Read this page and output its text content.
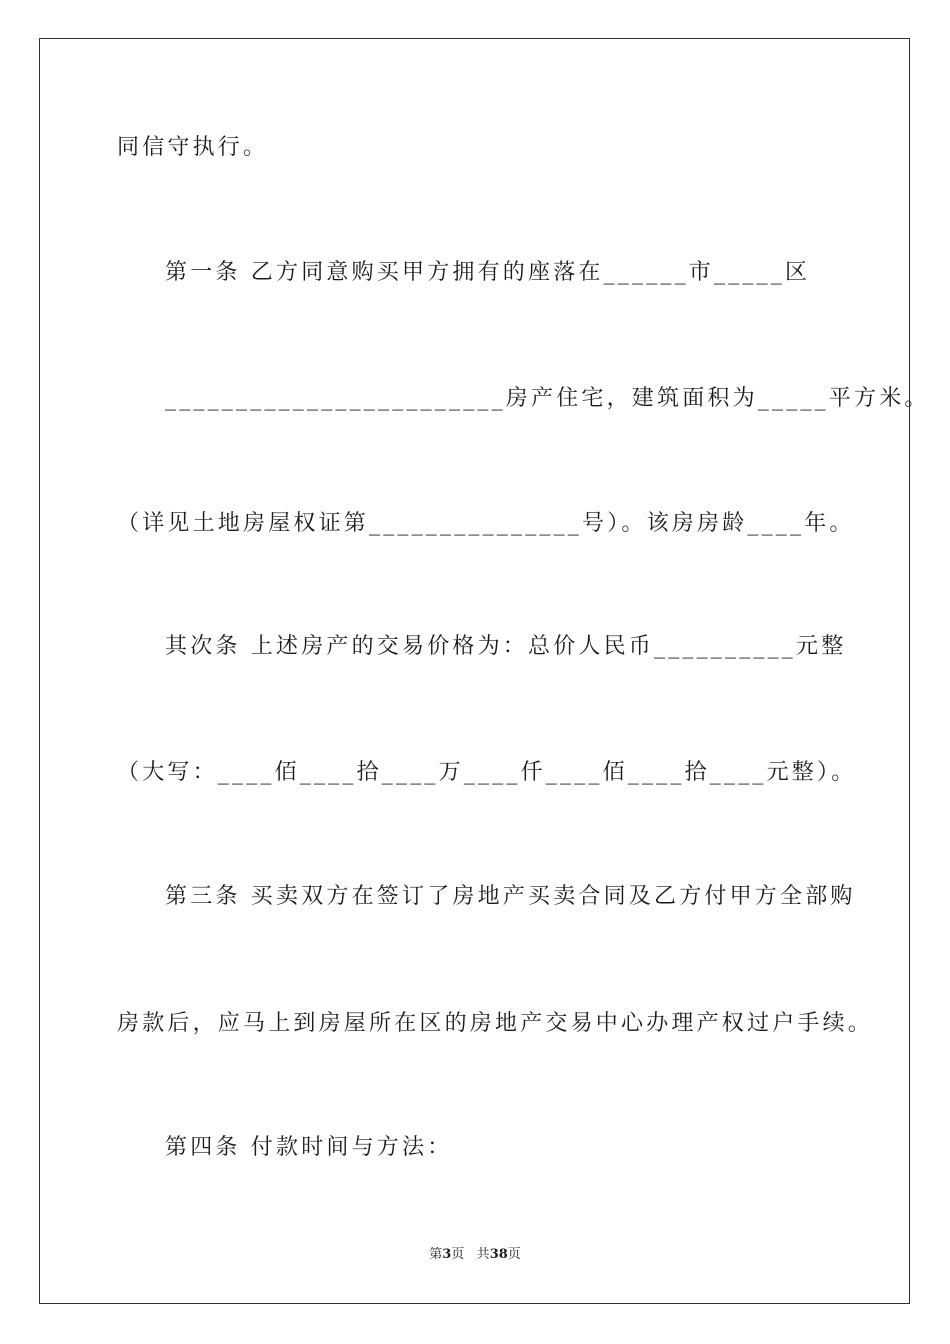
同信守执行。
第一条 乙方同意购买甲方拥有的座落在______市_____区
________________________房产住宅，建筑面积为_____平方米。
（详见土地房屋权证第_______________号）。该房房龄____年。
其次条 上述房产的交易价格为：总价人民币__________元整
（大写：____佰____拾____万____仟____佰____拾____元整）。
第三条 买卖双方在签订了房地产买卖合同及乙方付甲方全部购
房款后，应马上到房屋所在区的房地产交易中心办理产权过户手续。
第四条 付款时间与方法：
第3页 共38页
